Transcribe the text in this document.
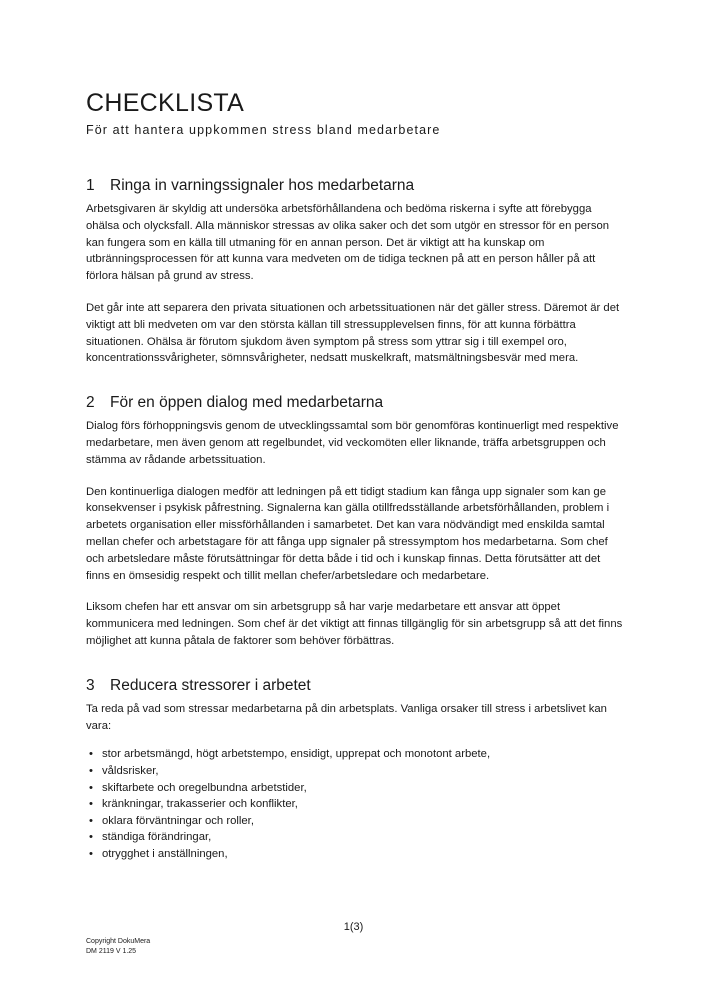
CHECKLISTA
För att hantera uppkommen stress bland medarbetare
1 Ringa in varningssignaler hos medarbetarna

Arbetsgivaren är skyldig att undersöka arbetsförhållandena och bedöma riskerna i syfte att förebygga ohälsa och olycksfall. Alla människor stressas av olika saker och det som utgör en stressor för en person kan fungera som en källa till utmaning för en annan person. Det är viktigt att ha kunskap om utbränningsprocessen för att kunna vara medveten om de tidiga tecknen på att en person håller på att förlora hälsan på grund av stress.

Det går inte att separera den privata situationen och arbetssituationen när det gäller stress. Däremot är det viktigt att bli medveten om var den största källan till stressupplevelsen finns, för att kunna förbättra situationen. Ohälsa är förutom sjukdom även symptom på stress som yttrar sig i till exempel oro, koncentrationssvårigheter, sömnsvårigheter, nedsatt muskelkraft, matsmältningsbesvär med mera.

2 För en öppen dialog med medarbetarna

Dialog förs förhoppningsvis genom de utvecklingssamtal som bör genomföras kontinuerligt med respektive medarbetare, men även genom att regelbundet, vid veckomöten eller liknande, träffa arbetsgruppen och stämma av rådande arbetssituation.

Den kontinuerliga dialogen medför att ledningen på ett tidigt stadium kan fånga upp signaler som kan ge konsekvenser i psykisk påfrestning. Signalerna kan gälla otillfredsställande arbetsförhållanden, problem i arbetets organisation eller missförhållanden i samarbetet. Det kan vara nödvändigt med enskilda samtal mellan chefer och arbetstagare för att fånga upp signaler på stressymptom hos medarbetarna. Som chef och arbetsledare måste förutsättningar för detta både i tid och i kunskap finnas. Detta förutsätter att det finns en ömsesidig respekt och tillit mellan chefer/arbetsledare och medarbetare.

Liksom chefen har ett ansvar om sin arbetsgrupp så har varje medarbetare ett ansvar att öppet kommunicera med ledningen. Som chef är det viktigt att finnas tillgänglig för sin arbetsgrupp så att det finns möjlighet att kunna påtala de faktorer som behöver förbättras.

3 Reducera stressorer i arbetet

Ta reda på vad som stressar medarbetarna på din arbetsplats. Vanliga orsaker till stress i arbetslivet kan vara:

• stor arbetsmängd, högt arbetstempo, ensidigt, upprepat och monotont arbete,
• våldsrisker,
• skiftarbete och oregelbundna arbetstider,
• kränkningar, trakasserier och konflikter,
• oklara förväntningar och roller,
• ständiga förändringar,
• otrygghet i anställningen,
1(3)
Copyright DokuMera
DM 2119 V 1.25
